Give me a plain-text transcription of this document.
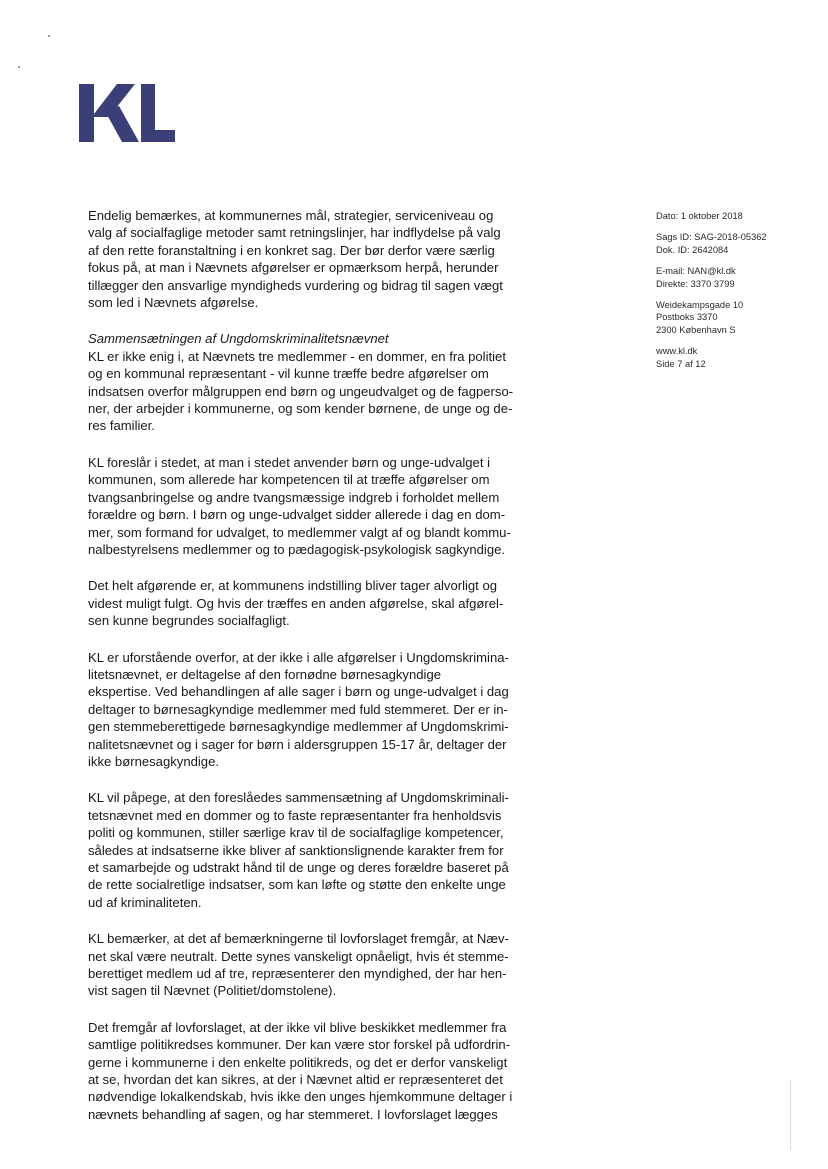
Dato: 1 oktober 2018
Sags ID: SAG-2018-05362
Dok. ID: 2642084
E-mail: NAN@kl.dk
Direkte: 3370 3799
Weidekampsgade 10
Postboks 3370
2300 København S
www.kl.dk
Side 7 af 12
Endelig bemærkes, at kommunernes mål, strategier, serviceniveau og
valg af socialfaglige metoder samt retningslinjer, har indflydelse på valg
af den rette foranstaltning i en konkret sag. Der bør derfor være særlig
fokus på, at man i Nævnets afgørelser er opmærksom herpå, herunder
tillægger den ansvarlige myndigheds vurdering og bidrag til sagen vægt
som led i Nævnets afgørelse.
Sammensætningen af Ungdomskriminalitetsnævnet
KL er ikke enig i, at Nævnets tre medlemmer - en dommer, en fra politiet
og en kommunal repræsentant - vil kunne træffe bedre afgørelser om
indsatsen overfor målgruppen end børn og ungeudvalget og de fagperso-
ner, der arbejder i kommunerne, og som kender børnene, de unge og de-
res familier.
KL foreslår i stedet, at man i stedet anvender børn og unge-udvalget i
kommunen, som allerede har kompetencen til at træffe afgørelser om
tvangsanbringelse og andre tvangsmæssige indgreb i forholdet mellem
forældre og børn. I børn og unge-udvalget sidder allerede i dag en dom-
mer, som formand for udvalget, to medlemmer valgt af og blandt kommu-
nalbestyrelsens medlemmer og to pædagogisk-psykologisk sagkyndige.
Det helt afgørende er, at kommunens indstilling bliver tager alvorligt og
videst muligt fulgt. Og hvis der træffes en anden afgørelse, skal afgørel-
sen kunne begrundes socialfagligt.
KL er uforstående overfor, at der ikke i alle afgørelser i Ungdomskrimina-
litetsnævnet, er deltagelse af den fornødne børnesagkyndige
ekspertise. Ved behandlingen af alle sager i børn og unge-udvalget i dag
deltager to børnesagkyndige medlemmer med fuld stemmeret. Der er in-
gen stemmeberettigede børnesagkyndige medlemmer af Ungdomskrimi-
nalitetsnævnet og i sager for børn i aldersgruppen 15-17 år, deltager der
ikke børnesagkyndige.
KL vil påpege, at den foreslåedes sammensætning af Ungdomskriminali-
tetsnævnet med en dommer og to faste repræsentanter fra henholdsvis
politi og kommunen, stiller særlige krav til de socialfaglige kompetencer,
således at indsatserne ikke bliver af sanktionslignende karakter frem for
et samarbejde og udstrakt hånd til de unge og deres forældre baseret på
de rette socialretlige indsatser, som kan løfte og støtte den enkelte unge
ud af kriminaliteten.
KL bemærker, at det af bemærkningerne til lovforslaget fremgår, at Næv-
net skal være neutralt. Dette synes vanskeligt opnåeligt, hvis ét stemme-
berettiget medlem ud af tre, repræsenterer den myndighed, der har hen-
vist sagen til Nævnet (Politiet/domstolene).
Det fremgår af lovforslaget, at der ikke vil blive beskikket medlemmer fra
samtlige politikredses kommuner. Der kan være stor forskel på udfordrin-
gerne i kommunerne i den enkelte politikreds, og det er derfor vanskeligt
at se, hvordan det kan sikres, at der i Nævnet altid er repræsenteret det
nødvendige lokalkendskab, hvis ikke den unges hjemkommune deltager i
nævnets behandling af sagen, og har stemmeret. I lovforslaget lægges
